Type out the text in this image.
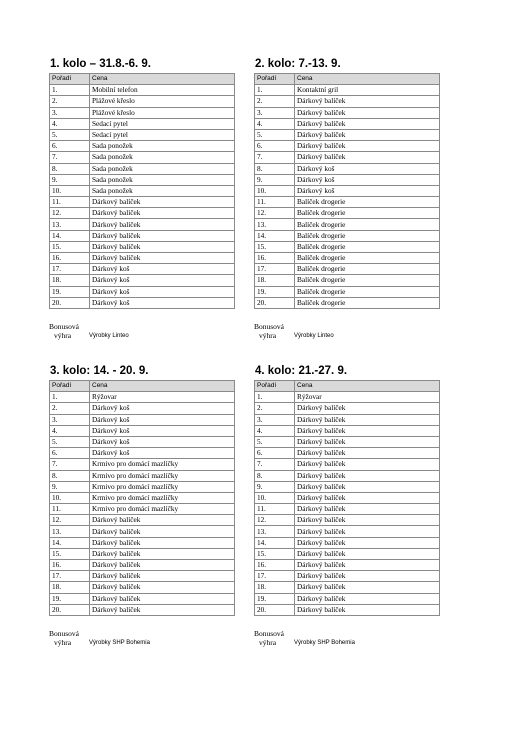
1. kolo – 31.8.-6. 9.
Pořadí	Cena
1.	Mobilní telefon
2.	Plážové křeslo
3.	Plážové křeslo
4.	Sedací pytel
5.	Sedací pytel
6.	Sada ponožek
7.	Sada ponožek
8.	Sada ponožek
9.	Sada ponožek
10.	Sada ponožek
11.	Dárkový balíček
12.	Dárkový balíček
13.	Dárkový balíček
14.	Dárkový balíček
15.	Dárkový balíček
16.	Dárkový balíček
17.	Dárkový koš
18.	Dárkový koš
19.	Dárkový koš
20.	Dárkový koš
Bonusová
výhra	Výrobky Linteo
2. kolo: 7.-13. 9.
Pořadí	Cena
1.	Kontaktní gril
2.	Dárkový balíček
3.	Dárkový balíček
4.	Dárkový balíček
5.	Dárkový balíček
6.	Dárkový balíček
7.	Dárkový balíček
8.	Dárkový koš
9.	Dárkový koš
10.	Dárkový koš
11.	Balíček drogerie
12.	Balíček drogerie
13.	Balíček drogerie
14.	Balíček drogerie
15.	Balíček drogerie
16.	Balíček drogerie
17.	Balíček drogerie
18.	Balíček drogerie
19.	Balíček drogerie
20.	Balíček drogerie
Bonusová
výhra	Výrobky Linteo
3. kolo: 14. - 20. 9.
Pořadí	Cena
1.	Rýžovar
2.	Dárkový koš
3.	Dárkový koš
4.	Dárkový koš
5.	Dárkový koš
6.	Dárkový koš
7.	Krmivo pro domácí mazlíčky
8.	Krmivo pro domácí mazlíčky
9.	Krmivo pro domácí mazlíčky
10.	Krmivo pro domácí mazlíčky
11.	Krmivo pro domácí mazlíčky
12.	Dárkový balíček
13.	Dárkový balíček
14.	Dárkový balíček
15.	Dárkový balíček
16.	Dárkový balíček
17.	Dárkový balíček
18.	Dárkový balíček
19.	Dárkový balíček
20.	Dárkový balíček
Bonusová
výhra	Výrobky SHP Bohemia
4. kolo: 21.-27. 9.
Pořadí	Cena
1.	Rýžovar
2.	Dárkový balíček
3.	Dárkový balíček
4.	Dárkový balíček
5.	Dárkový balíček
6.	Dárkový balíček
7.	Dárkový balíček
8.	Dárkový balíček
9.	Dárkový balíček
10.	Dárkový balíček
11.	Dárkový balíček
12.	Dárkový balíček
13.	Dárkový balíček
14.	Dárkový balíček
15.	Dárkový balíček
16.	Dárkový balíček
17.	Dárkový balíček
18.	Dárkový balíček
19.	Dárkový balíček
20.	Dárkový balíček
Bonusová
výhra	Výrobky SHP Bohemia
